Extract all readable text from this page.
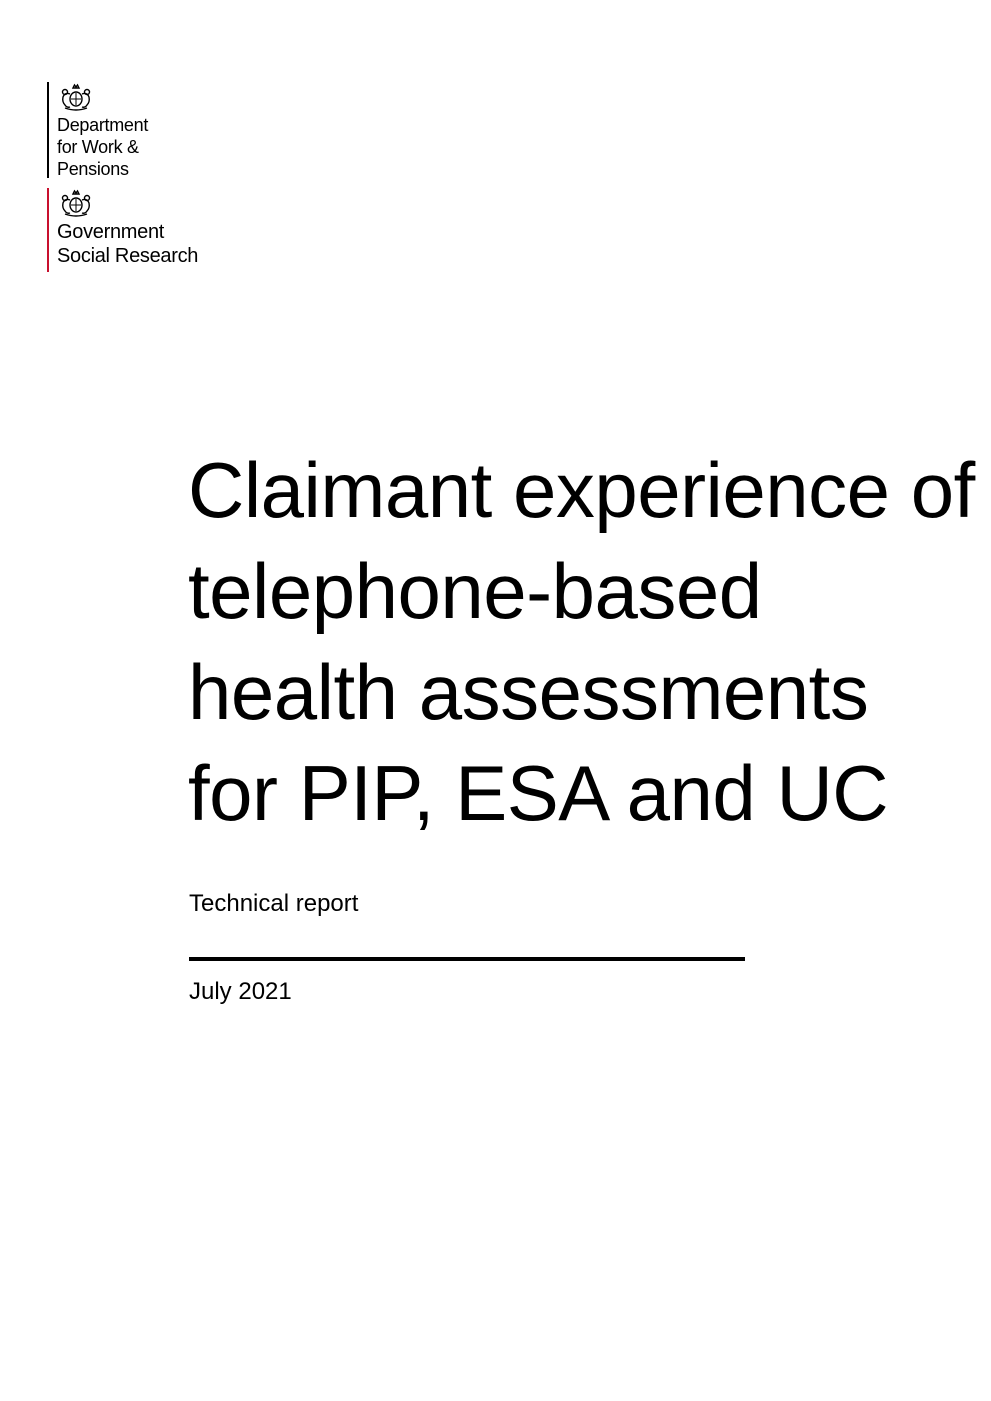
Department
for Work &
Pensions

Government
Social Research

Claimant experience of telephone-based health assessments for PIP, ESA and UC

Technical report

July 2021
